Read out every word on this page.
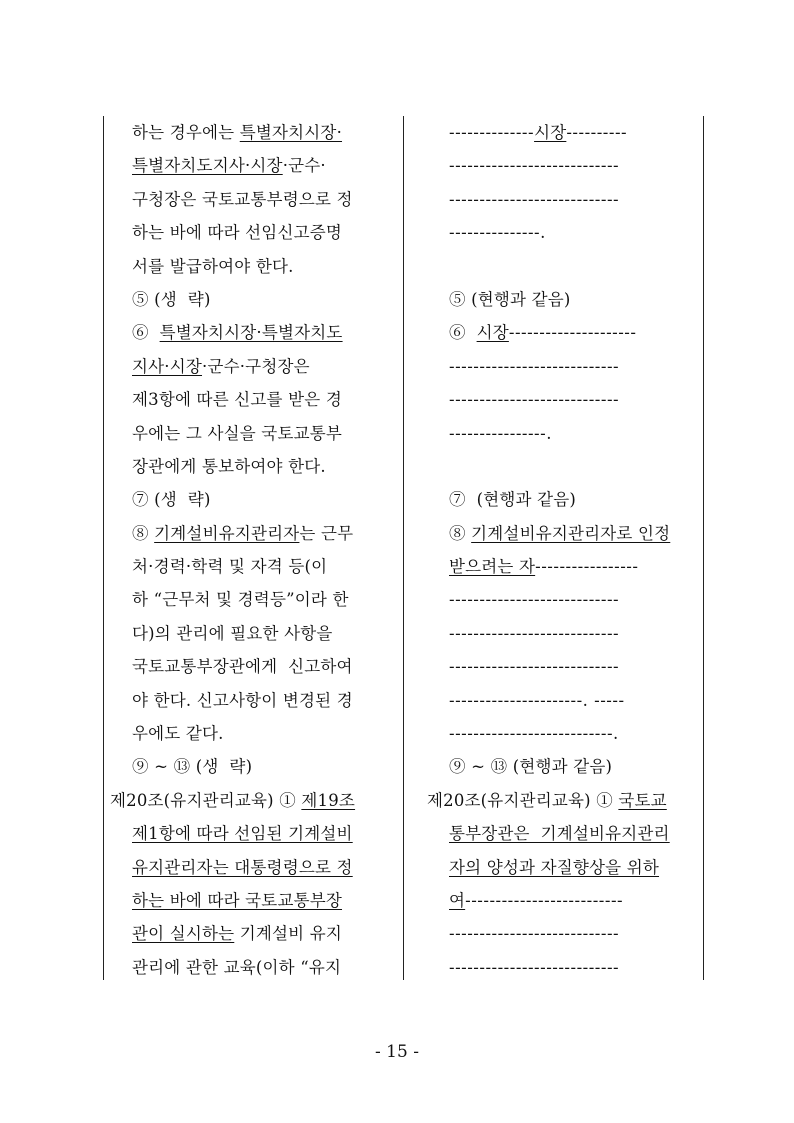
하는 경우에는 특별자치시장·
특별자치도지사·시장·군수·
구청장은 국토교통부령으로 정
하는 바에 따라 선임신고증명
서를 발급하여야 한다.
⑤ (생  략)
⑥  특별자치시장·특별자치도
지사·시장·군수·구청장은
제3항에 따른 신고를 받은 경
우에는 그 사실을 국토교통부
장관에게 통보하여야 한다.
⑦ (생  략)
⑧ 기계설비유지관리자는 근무
처·경력·학력 및 자격 등(이
하 “근무처 및 경력등”이라 한
다)의 관리에 필요한 사항을
국토교통부장관에게  신고하여
야 한다. 신고사항이 변경된 경
우에도 같다.
⑨ ~ ⑬ (생  략)
제20조(유지관리교육) ① 제19조
제1항에 따라 선임된 기계설비
유지관리자는 대통령령으로 정
하는 바에 따라 국토교통부장
관이 실시하는 기계설비 유지
관리에 관한 교육(이하 “유지
--------------시장----------
----------------------------
----------------------------
---------------.
⑤ (현행과 같음)
⑥  시장---------------------
----------------------------
----------------------------
----------------.
⑦  (현행과 같음)
⑧ 기계설비유지관리자로 인정
받으려는 자-----------------
----------------------------
----------------------------
----------------------------
----------------------. -----
---------------------------.
⑨ ~ ⑬ (현행과 같음)
제20조(유지관리교육) ① 국토교
통부장관은  기계설비유지관리
자의 양성과 자질향상을 위하
여--------------------------
----------------------------
----------------------------
- 15 -
